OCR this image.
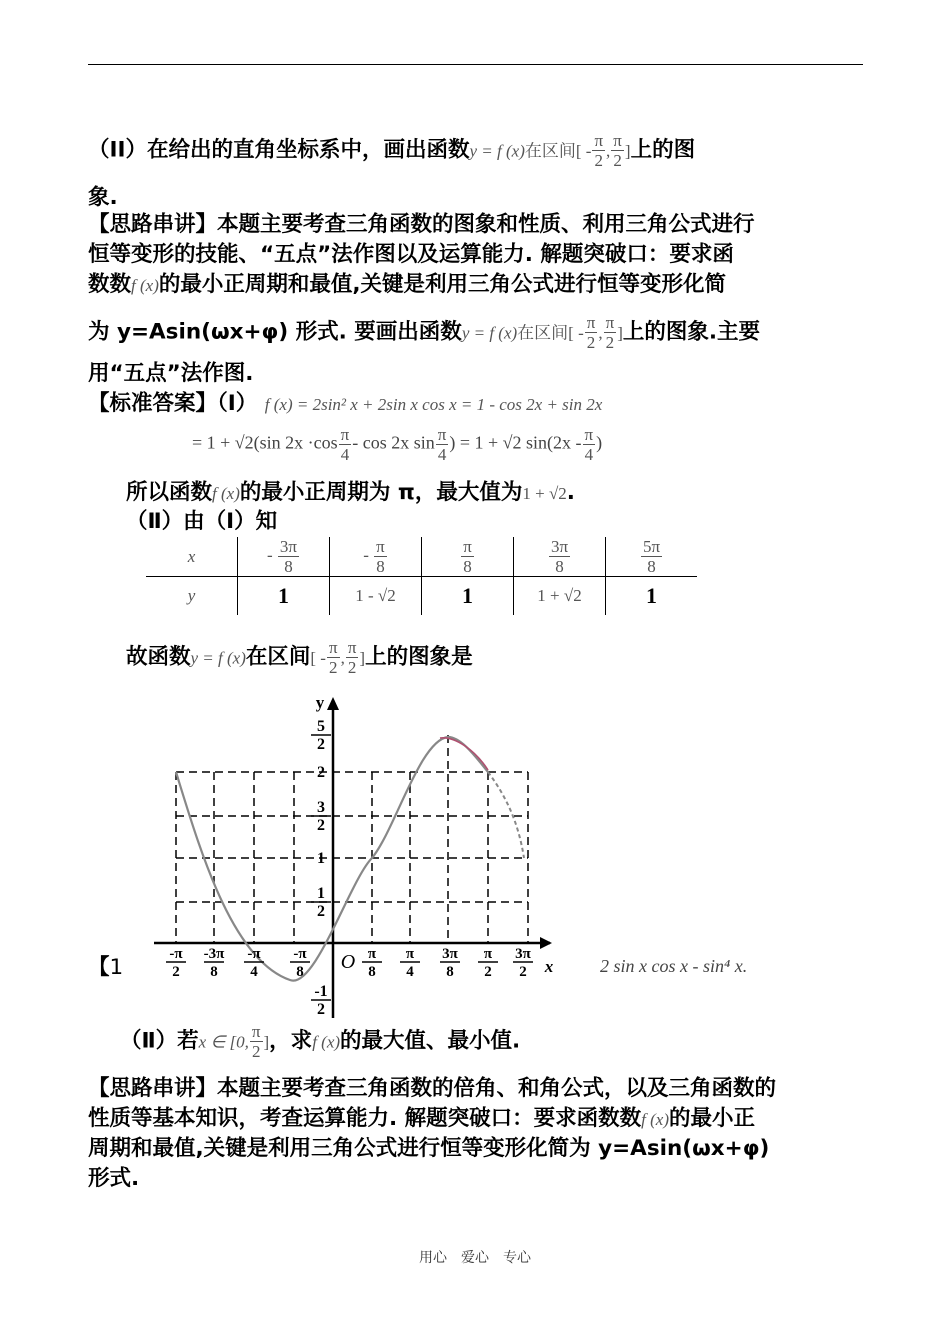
（II）在给出的直角坐标系中，画出函数y = f (x)在区间[ - $\frac{\pi}{2}$ , $\frac{\pi}{2}$ ]上的图
象.
【思路串讲】本题主要考查三角函数的图象和性质、利用三角公式进行
恒等变形的技能、“五点”法作图以及运算能力. 解题突破口：要求函
数数f (x)的最小正周期和最值,关键是利用三角公式进行恒等变形化简
为 y=Asin(ωx+φ) 形式. 要画出函数y = f (x)在区间[ - $\frac{\pi}{2}$ , $\frac{\pi}{2}$ ]上的图象.主要
用“五点”法作图.
【标准答案】（I） f (x) = 2sin² x + 2sin x cos x = 1 - cos 2x + sin 2x
= 1 + √2(sin $2x \cdot\cos \frac{\pi}{4} - \cos 2x$ $\sin \frac{\pi}{4}$ ) = 1 + √2 $\sin(2x - \frac{\pi}{4}$ )
所以函数f (x)的最小正周期为 π，最大值为1 + √2.
（Ⅱ）由（Ⅰ）知
x	- $\frac{3\pi}{8}$	- $\frac{\pi}{8}$	$\frac{\pi}{8}$	$\frac{3\pi}{8}$	$\frac{5\pi}{8}$

y	1	1 - √2	1	1 + √2	1
故函数y = f (x)在区间[ - $\frac{\pi}{2}$ , $\frac{\pi}{2}$ ]上的图象是
【1	2 sin x cos x - sin⁴ x.
y
x
O
5
2
2
3
2
1
1
2
-1
2
-π
2
-3π
8
-π
4
-π
8
π
8
π
4
3π
8
π
2
3π
2
（Ⅱ）若x ∈ [0, $\frac{\pi}{2}$ ]，求f (x)的最大值、最小值.
【思路串讲】本题主要考查三角函数的倍角、和角公式，以及三角函数的
性质等基本知识，考查运算能力. 解题突破口：要求函数数f (x)的最小正
周期和最值,关键是利用三角公式进行恒等变形化简为 y=Asin(ωx+φ)
形式.
用心　爱心　专心
